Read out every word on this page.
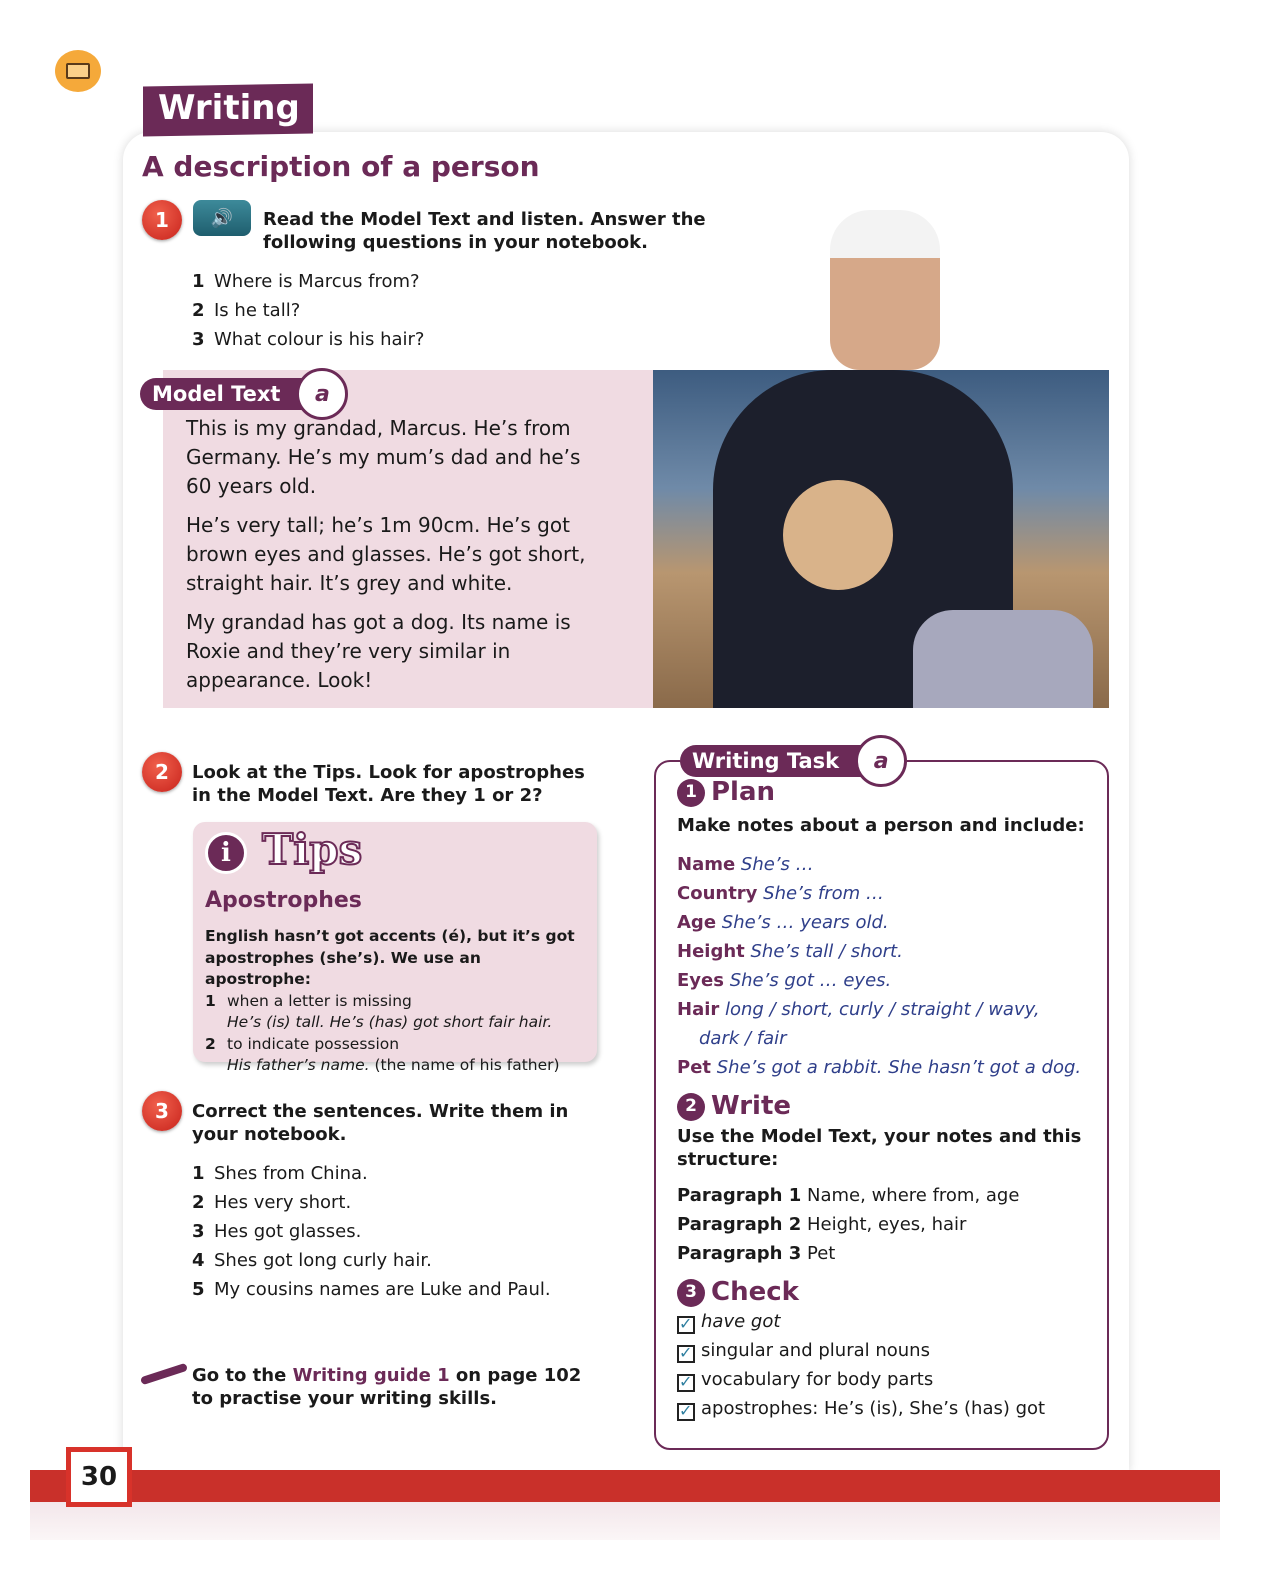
Writing
A description of a person
1	🔊 Read the Model Text and listen. Answer the following questions in your notebook.
1 Where is Marcus from?
2 Is he tall?
3 What colour is his hair?
Model Text	a

This is my grandad, Marcus. He’s from Germany. He’s my mum’s dad and he’s 60 years old.

He’s very tall; he’s 1m 90cm. He’s got brown eyes and glasses. He’s got short, straight hair. It’s grey and white.

My grandad has got a dog. Its name is Roxie and they’re very similar in appearance. Look!

2	Look at the Tips. Look for apostrophes in the Model Text. Are they 1 or 2?
i Tips
Apostrophes
English hasn’t got accents (é), but it’s got apostrophes (she’s). We use an apostrophe:
1 when a letter is missing
He’s (is) tall. He’s (has) got short fair hair.
2 to indicate possession
His father’s name. (the name of his father)
3	Correct the sentences. Write them in your notebook.
1 Shes from China.
2 Hes very short.
3 Hes got glasses.
4 Shes got long curly hair.
5 My cousins names are Luke and Paul.
Go to the Writing guide 1 on page 102
to practise your writing skills.
Writing Task	a
1 Plan
Make notes about a person and include:
Name She’s …
Country She’s from …
Age She’s … years old.
Height She’s tall / short.
Eyes She’s got … eyes.
Hair long / short, curly / straight / wavy,
dark / fair
Pet She’s got a rabbit. She hasn’t got a dog.
2 Write
Use the Model Text, your notes and this structure:
Paragraph 1 Name, where from, age
Paragraph 2 Height, eyes, hair
Paragraph 3 Pet
3 Check
✓ have got
✓ singular and plural nouns
✓ vocabulary for body parts
✓ apostrophes: He’s (is), She’s (has) got
30
